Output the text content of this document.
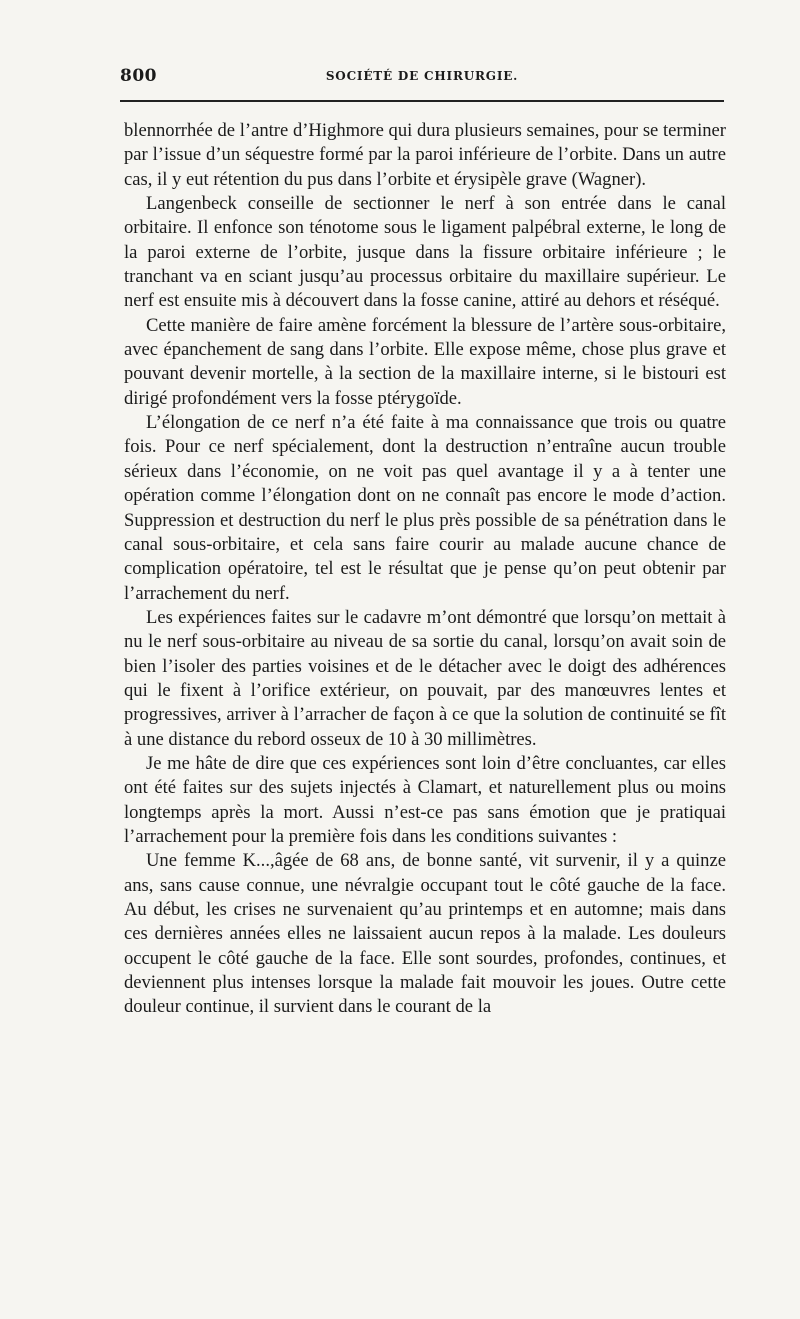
800	SOCIÉTÉ DE CHIRURGIE.

blennorrhée de l’antre d’Highmore qui dura plusieurs semaines, pour se terminer par l’issue d’un séquestre formé par la paroi inférieure de l’orbite. Dans un autre cas, il y eut rétention du pus dans l’orbite et érysipèle grave (Wagner).

Langenbeck conseille de sectionner le nerf à son entrée dans le canal orbitaire. Il enfonce son ténotome sous le ligament palpébral externe, le long de la paroi externe de l’orbite, jusque dans la fissure orbitaire inférieure ; le tranchant va en sciant jusqu’au processus orbitaire du maxillaire supérieur. Le nerf est ensuite mis à découvert dans la fosse canine, attiré au dehors et réséqué.

Cette manière de faire amène forcément la blessure de l’artère sous-orbitaire, avec épanchement de sang dans l’orbite. Elle expose même, chose plus grave et pouvant devenir mortelle, à la section de la maxillaire interne, si le bistouri est dirigé profondément vers la fosse ptérygoïde.

L’élongation de ce nerf n’a été faite à ma connaissance que trois ou quatre fois. Pour ce nerf spécialement, dont la destruction n’entraîne aucun trouble sérieux dans l’économie, on ne voit pas quel avantage il y a à tenter une opération comme l’élongation dont on ne connaît pas encore le mode d’action. Suppression et destruction du nerf le plus près possible de sa pénétration dans le canal sous-orbitaire, et cela sans faire courir au malade aucune chance de complication opératoire, tel est le résultat que je pense qu’on peut obtenir par l’arrachement du nerf.

Les expériences faites sur le cadavre m’ont démontré que lorsqu’on mettait à nu le nerf sous-orbitaire au niveau de sa sortie du canal, lorsqu’on avait soin de bien l’isoler des parties voisines et de le détacher avec le doigt des adhérences qui le fixent à l’orifice extérieur, on pouvait, par des manœuvres lentes et progressives, arriver à l’arracher de façon à ce que la solution de continuité se fît à une distance du rebord osseux de 10 à 30 millimètres.

Je me hâte de dire que ces expériences sont loin d’être concluantes, car elles ont été faites sur des sujets injectés à Clamart, et naturellement plus ou moins longtemps après la mort. Aussi n’est-ce pas sans émotion que je pratiquai l’arrachement pour la première fois dans les conditions suivantes :

Une femme K...,âgée de 68 ans, de bonne santé, vit survenir, il y a quinze ans, sans cause connue, une névralgie occupant tout le côté gauche de la face. Au début, les crises ne survenaient qu’au printemps et en automne; mais dans ces dernières années elles ne laissaient aucun repos à la malade. Les douleurs occupent le côté gauche de la face. Elle sont sourdes, profondes, continues, et deviennent plus intenses lorsque la malade fait mouvoir les joues. Outre cette douleur continue, il survient dans le courant de la
